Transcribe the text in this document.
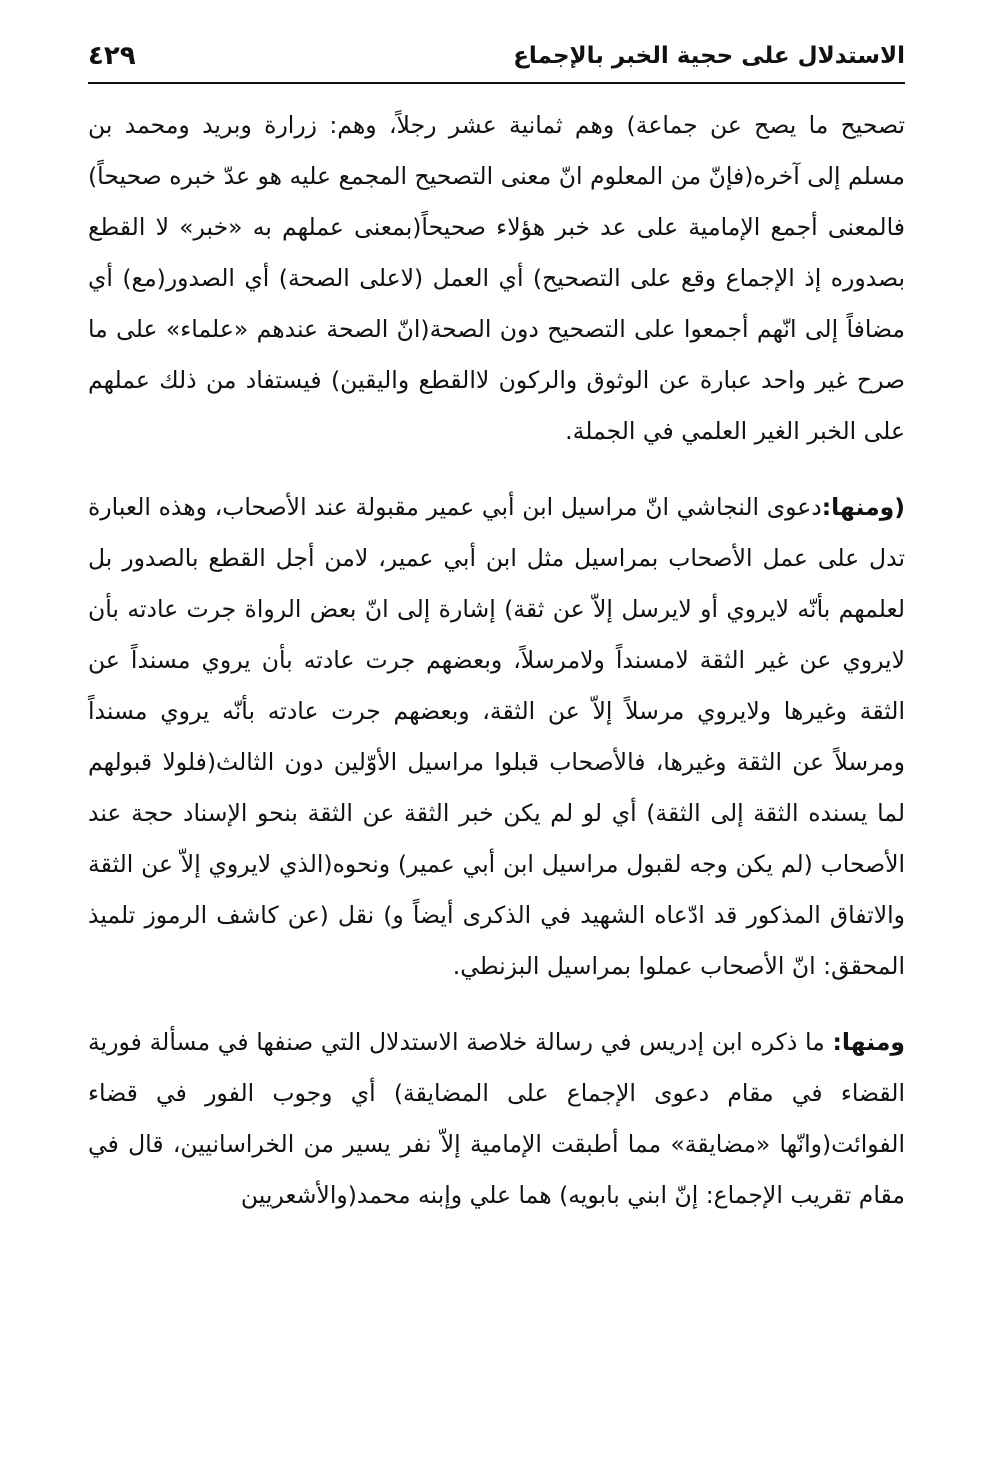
الاستدلال على حجية الخبر بالإجماع
٤٢٩

تصحيح ما يصح عن جماعة) وهم ثمانية عشر رجلاً، وهم: زرارة وبريد ومحمد بن مسلم إلى آخره(فإنّ من المعلوم انّ معنى التصحيح المجمع عليه هو عدّ خبره صحيحاً) فالمعنى أجمع الإمامية على عد خبر هؤلاء صحيحاً(بمعنى عملهم به «خبر» لا القطع بصدوره إذ الإجماع وقع على التصحيح) أي العمل (لاعلى الصحة) أي الصدور(مع) أي مضافاً إلى انّهم أجمعوا على التصحيح دون الصحة(انّ الصحة عندهم «علماء» على ما صرح غير واحد عبارة عن الوثوق والركون لاالقطع واليقين) فيستفاد من ذلك عملهم على الخبر الغير العلمي في الجملة.

(ومنها:دعوى النجاشي انّ مراسيل ابن أبي عمير مقبولة عند الأصحاب، وهذه العبارة تدل على عمل الأصحاب بمراسيل مثل ابن أبي عمير، لامن أجل القطع بالصدور بل لعلمهم بأنّه لايروي أو لايرسل إلاّ عن ثقة) إشارة إلى انّ بعض الرواة جرت عادته بأن لايروي عن غير الثقة لامسنداً ولامرسلاً، وبعضهم جرت عادته بأن يروي مسنداً عن الثقة وغيرها ولايروي مرسلاً إلاّ عن الثقة، وبعضهم جرت عادته بأنّه يروي مسنداً ومرسلاً عن الثقة وغيرها، فالأصحاب قبلوا مراسيل الأوّلين دون الثالث(فلولا قبولهم لما يسنده الثقة إلى الثقة) أي لو لم يكن خبر الثقة عن الثقة بنحو الإسناد حجة عند الأصحاب (لم يكن وجه لقبول مراسيل ابن أبي عمير) ونحوه(الذي لايروي إلاّ عن الثقة والاتفاق المذكور قد ادّعاه الشهيد في الذكرى أيضاً و) نقل (عن كاشف الرموز تلميذ المحقق: انّ الأصحاب عملوا بمراسيل البزنطي.

ومنها: ما ذكره ابن إدريس في رسالة خلاصة الاستدلال التي صنفها في مسألة فورية القضاء في مقام دعوى الإجماع على المضايقة) أي وجوب الفور في قضاء الفوائت(وانّها «مضايقة» مما أطبقت الإمامية إلاّ نفر يسير من الخراسانيين، قال في مقام تقريب الإجماع: إنّ ابني بابويه) هما علي وإبنه محمد(والأشعريين
